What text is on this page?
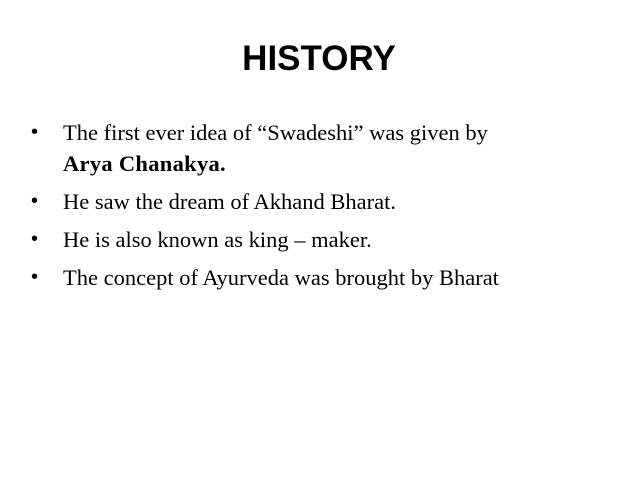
HISTORY
• The first ever idea of “Swadeshi” was given by
Arya Chanakya.
• He saw the dream of Akhand Bharat.
• He is also known as king – maker.
• The concept of Ayurveda was brought by Bharat
